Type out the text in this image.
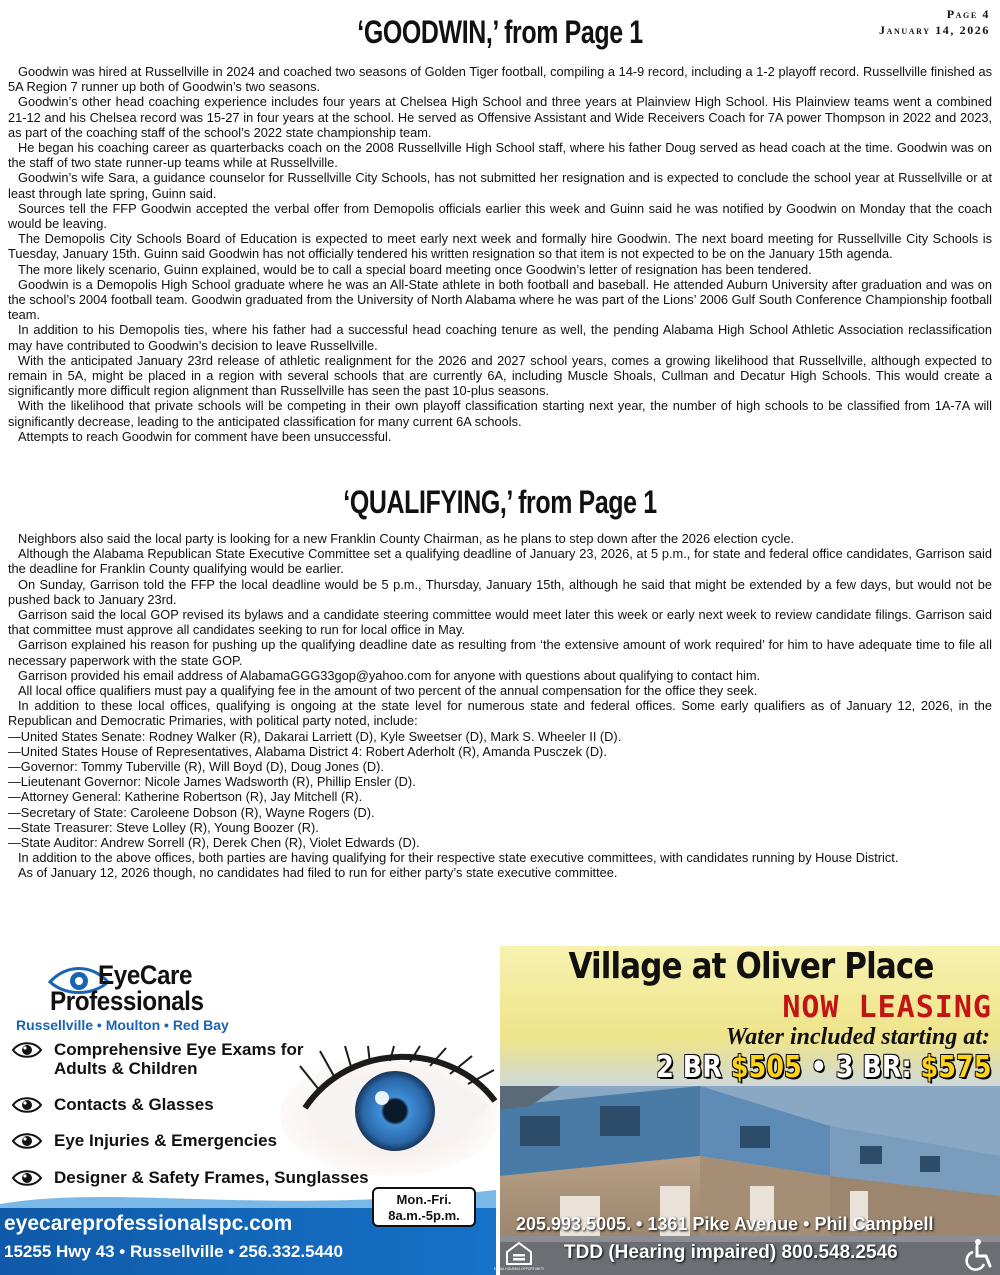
Page 4
January 14, 2026
‘GOODWIN,’ from Page 1

Goodwin was hired at Russellville in 2024 and coached two seasons of Golden Tiger football, compiling a 14-9 record, including a 1-2 playoff record. Russellville finished as 5A Region 7 runner up both of Goodwin’s two seasons.

Goodwin’s other head coaching experience includes four years at Chelsea High School and three years at Plainview High School. His Plainview teams went a combined 21-12 and his Chelsea record was 15-27 in four years at the school. He served as Offensive Assistant and Wide Receivers Coach for 7A power Thompson in 2022 and 2023, as part of the coaching staff of the school’s 2022 state championship team.

He began his coaching career as quarterbacks coach on the 2008 Russellville High School staff, where his father Doug served as head coach at the time. Goodwin was on the staff of two state runner-up teams while at Russellville.

Goodwin’s wife Sara, a guidance counselor for Russellville City Schools, has not submitted her resignation and is expected to conclude the school year at Russellville or at least through late spring, Guinn said.

Sources tell the FFP Goodwin accepted the verbal offer from Demopolis officials earlier this week and Guinn said he was notified by Goodwin on Monday that the coach would be leaving.

The Demopolis City Schools Board of Education is expected to meet early next week and formally hire Goodwin. The next board meeting for Russellville City Schools is Tuesday, January 15th. Guinn said Goodwin has not officially tendered his written resignation so that item is not expected to be on the January 15th agenda.

The more likely scenario, Guinn explained, would be to call a special board meeting once Goodwin’s letter of resignation has been tendered.

Goodwin is a Demopolis High School graduate where he was an All-State athlete in both football and baseball. He attended Auburn University after graduation and was on the school’s 2004 football team. Goodwin graduated from the University of North Alabama where he was part of the Lions’ 2006 Gulf South Conference Championship football team.

In addition to his Demopolis ties, where his father had a successful head coaching tenure as well, the pending Alabama High School Athletic Association reclassification may have contributed to Goodwin’s decision to leave Russellville.

With the anticipated January 23rd release of athletic realignment for the 2026 and 2027 school years, comes a growing likelihood that Russellville, although expected to remain in 5A, might be placed in a region with several schools that are currently 6A, including Muscle Shoals, Cullman and Decatur High Schools. This would create a significantly more difficult region alignment than Russellville has seen the past 10-plus seasons.

With the likelihood that private schools will be competing in their own playoff classification starting next year, the number of high schools to be classified from 1A-7A will significantly decrease, leading to the anticipated classification for many current 6A schools.

Attempts to reach Goodwin for comment have been unsuccessful.

‘QUALIFYING,’ from Page 1

Neighbors also said the local party is looking for a new Franklin County Chairman, as he plans to step down after the 2026 election cycle.

Although the Alabama Republican State Executive Committee set a qualifying deadline of January 23, 2026, at 5 p.m., for state and federal office candidates, Garrison said the deadline for Franklin County qualifying would be earlier.

On Sunday, Garrison told the FFP the local deadline would be 5 p.m., Thursday, January 15th, although he said that might be extended by a few days, but would not be pushed back to January 23rd.

Garrison said the local GOP revised its bylaws and a candidate steering committee would meet later this week or early next week to review candidate filings. Garrison said that committee must approve all candidates seeking to run for local office in May.

Garrison explained his reason for pushing up the qualifying deadline date as resulting from ‘the extensive amount of work required’ for him to have adequate time to file all necessary paperwork with the state GOP.

Garrison provided his email address of AlabamaGGG33gop@yahoo.com for anyone with questions about qualifying to contact him.

All local office qualifiers must pay a qualifying fee in the amount of two percent of the annual compensation for the office they seek.

In addition to these local offices, qualifying is ongoing at the state level for numerous state and federal offices. Some early qualifiers as of January 12, 2026, in the Republican and Democratic Primaries, with political party noted, include:

—United States Senate: Rodney Walker (R), Dakarai Larriett (D), Kyle Sweetser (D), Mark S. Wheeler II (D).

—United States House of Representatives, Alabama District 4: Robert Aderholt (R), Amanda Pusczek (D).

—Governor: Tommy Tuberville (R), Will Boyd (D), Doug Jones (D).

—Lieutenant Governor: Nicole James Wadsworth (R), Phillip Ensler (D).

—Attorney General: Katherine Robertson (R), Jay Mitchell (R).

—Secretary of State: Caroleene Dobson (R), Wayne Rogers (D).

—State Treasurer: Steve Lolley (R), Young Boozer (R).

—State Auditor: Andrew Sorrell (R), Derek Chen (R), Violet Edwards (D).

In addition to the above offices, both parties are having qualifying for their respective state executive committees, with candidates running by House District.

As of January 12, 2026 though, no candidates had filed to run for either party’s state executive committee.

EyeCare
Professionals
Russellville • Moulton • Red Bay
Comprehensive Eye Exams for Adults & Children
Contacts & Glasses
Eye Injuries & Emergencies
Designer & Safety Frames, Sunglasses
Mon.-Fri.
8a.m.-5p.m.
eyecareprofessionalspc.com
15255 Hwy 43 • Russellville • 256.332.5440
Village at Oliver Place
NOW LEASING
Water included starting at:
2 BR $505 • 3 BR: $575
EQUAL HOUSING OPPORTUNITY
205.993.5005. • 1361 Pike Avenue • Phil Campbell
TDD (Hearing impaired) 800.548.2546
